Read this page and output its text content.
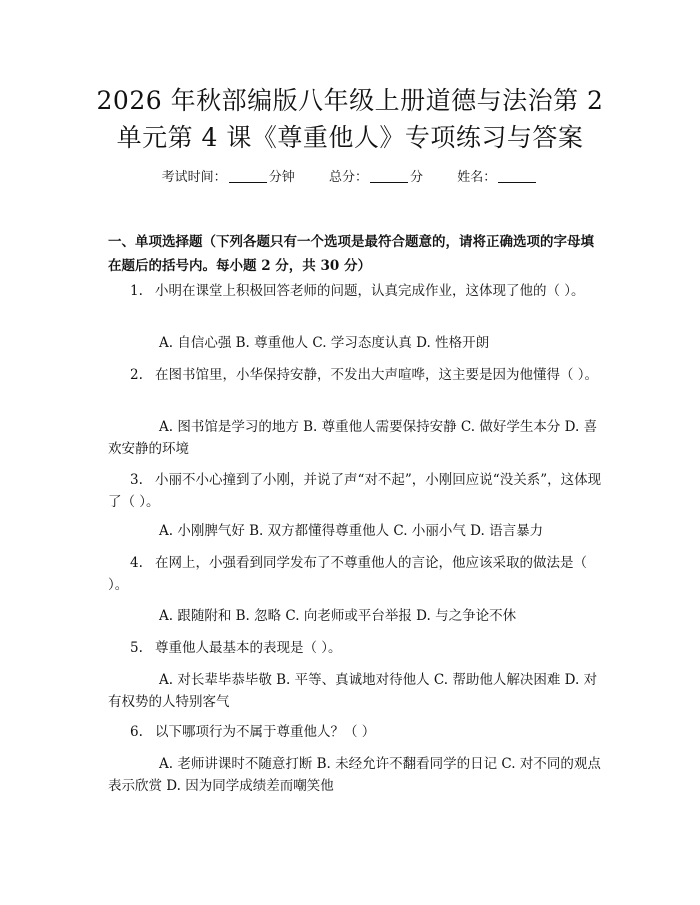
2026 年秋部编版八年级上册道德与法治第 2
单元第 4 课《尊重他人》专项练习与答案
考试时间：	分钟	总分：	分	姓名：

一、单项选择题（下列各题只有一个选项是最符合题意的，请将正确选项的字母填在题后的括号内。每小题 2 分，共 30 分）

1. 小明在课堂上积极回答老师的问题，认真完成作业，这体现了他的（ ）。

A. 自信心强 B. 尊重他人 C. 学习态度认真 D. 性格开朗

2. 在图书馆里，小华保持安静，不发出大声喧哗，这主要是因为他懂得（ ）。

A. 图书馆是学习的地方 B. 尊重他人需要保持安静 C. 做好学生本分 D. 喜欢安静的环境

3. 小丽不小心撞到了小刚，并说了声“对不起”，小刚回应说“没关系”，这体现了（ ）。

A. 小刚脾气好 B. 双方都懂得尊重他人 C. 小丽小气 D. 语言暴力

4. 在网上，小强看到同学发布了不尊重他人的言论，他应该采取的做法是（ ）。

A. 跟随附和 B. 忽略 C. 向老师或平台举报 D. 与之争论不休

5. 尊重他人最基本的表现是（ ）。

A. 对长辈毕恭毕敬 B. 平等、真诚地对待他人 C. 帮助他人解决困难 D. 对有权势的人特别客气

6. 以下哪项行为不属于尊重他人？（ ）

A. 老师讲课时不随意打断 B. 未经允许不翻看同学的日记 C. 对不同的观点表示欣赏 D. 因为同学成绩差而嘲笑他
